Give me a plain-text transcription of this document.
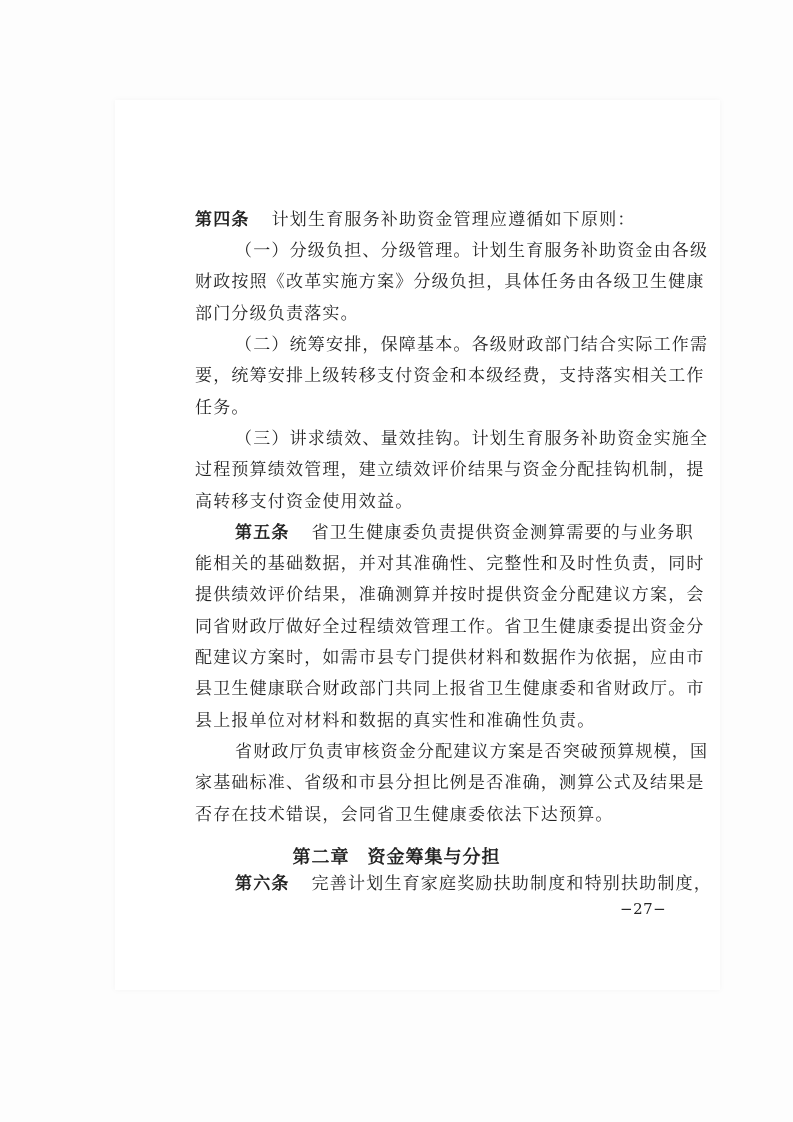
第四条 计划生育服务补助资金管理应遵循如下原则：
（一）分级负担、分级管理。计划生育服务补助资金由各级
财政按照《改革实施方案》分级负担，具体任务由各级卫生健康
部门分级负责落实。
（二）统筹安排，保障基本。各级财政部门结合实际工作需
要，统筹安排上级转移支付资金和本级经费，支持落实相关工作
任务。
（三）讲求绩效、量效挂钩。计划生育服务补助资金实施全
过程预算绩效管理，建立绩效评价结果与资金分配挂钩机制，提
高转移支付资金使用效益。
第五条 省卫生健康委负责提供资金测算需要的与业务职
能相关的基础数据，并对其准确性、完整性和及时性负责，同时
提供绩效评价结果，准确测算并按时提供资金分配建议方案，会
同省财政厅做好全过程绩效管理工作。省卫生健康委提出资金分
配建议方案时，如需市县专门提供材料和数据作为依据，应由市
县卫生健康联合财政部门共同上报省卫生健康委和省财政厅。市
县上报单位对材料和数据的真实性和准确性负责。
省财政厅负责审核资金分配建议方案是否突破预算规模，国
家基础标准、省级和市县分担比例是否准确，测算公式及结果是
否存在技术错误，会同省卫生健康委依法下达预算。
第二章 资金筹集与分担
第六条 完善计划生育家庭奖励扶助制度和特别扶助制度，
−27−
